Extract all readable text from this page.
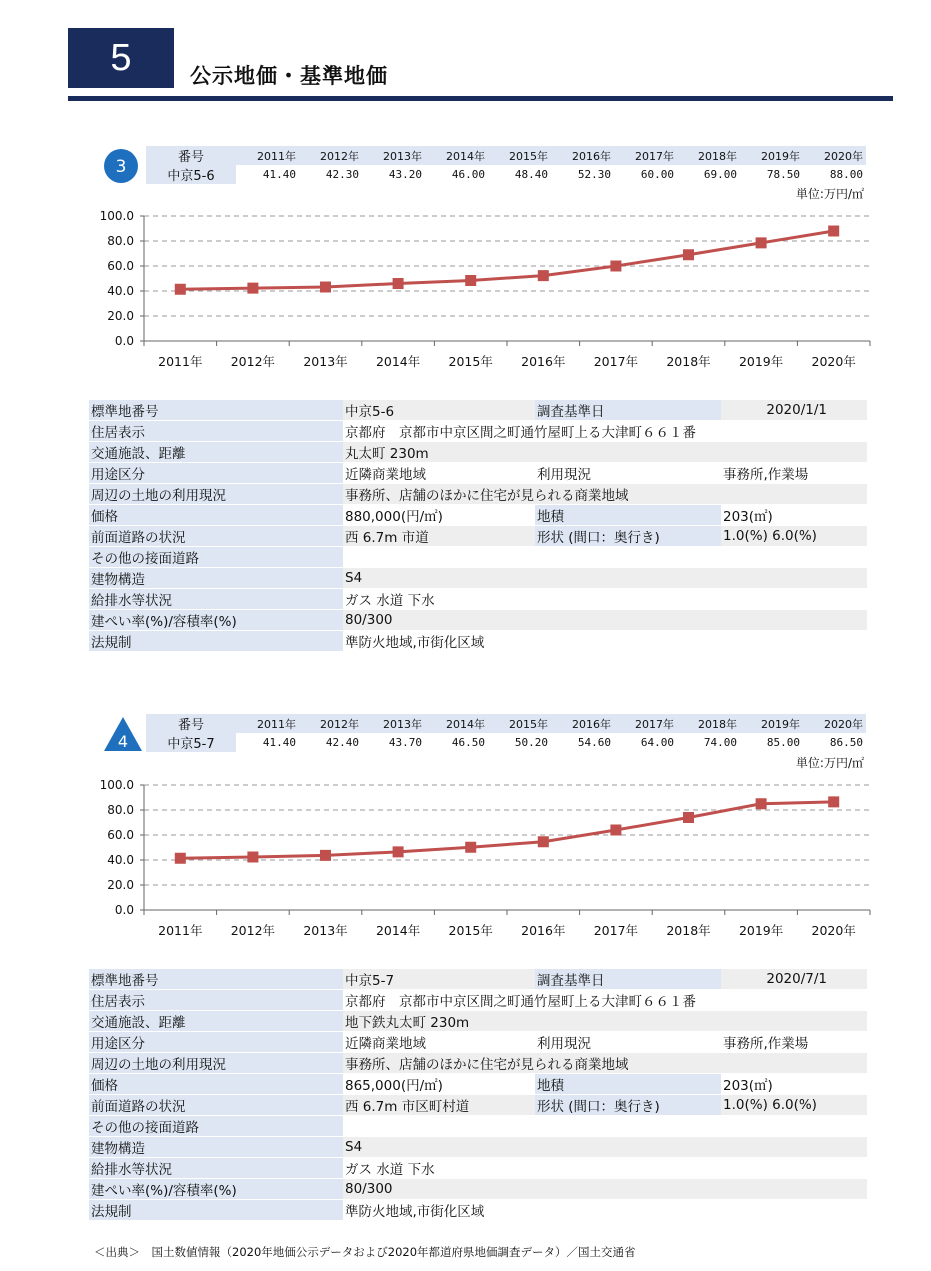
5	公示地価・基準地価
3	番号	2011年	2012年	2013年	2014年	2015年	2016年	2017年	2018年	2019年	2020年
中京5-6	41.40	42.30	43.20	46.00	48.40	52.30	60.00	69.00	78.50	88.00
単位:万円/㎡
0.0
20.0
40.0
60.0
80.0
100.0
2011年 2012年 2013年 2014年 2015年 2016年 2017年 2018年 2019年 2020年
標準地番号	中京5-6	調査基準日	2020/1/1
住居表示	京都府　京都市中京区間之町通竹屋町上る大津町６６１番		
交通施設、距離	丸太町 230m		
用途区分	近隣商業地域	利用現況	事務所,作業場
周辺の土地の利用現況	事務所、店舗のほかに住宅が見られる商業地域		
価格	880,000(円/㎡)	地積	203(㎡)
前面道路の状況	西 6.7m 市道	形状 (間口：奥行き)	1.0(%) 6.0(%)
その他の接面道路			
建物構造	S4		
給排水等状況	ガス 水道 下水		
建ぺい率(%)/容積率(%)	80/300		
法規制	準防火地域,市街化区域		
4
番号	2011年	2012年	2013年	2014年	2015年	2016年	2017年	2018年	2019年	2020年
中京5-7	41.40	42.40	43.70	46.50	50.20	54.60	64.00	74.00	85.00	86.50
単位:万円/㎡
0.0
20.0
40.0
60.0
80.0
100.0
2011年 2012年 2013年 2014年 2015年 2016年 2017年 2018年 2019年 2020年
標準地番号	中京5-7	調査基準日	2020/7/1
住居表示	京都府　京都市中京区間之町通竹屋町上る大津町６６１番		
交通施設、距離	地下鉄丸太町 230m		
用途区分	近隣商業地域	利用現況	事務所,作業場
周辺の土地の利用現況	事務所、店舗のほかに住宅が見られる商業地域		
価格	865,000(円/㎡)	地積	203(㎡)
前面道路の状況	西 6.7m 市区町村道	形状 (間口：奥行き)	1.0(%) 6.0(%)
その他の接面道路			
建物構造	S4		
給排水等状況	ガス 水道 下水		
建ぺい率(%)/容積率(%)	80/300		
法規制	準防火地域,市街化区域		
＜出典＞　国土数値情報（2020年地価公示データおよび2020年都道府県地価調査データ）／国土交通省
